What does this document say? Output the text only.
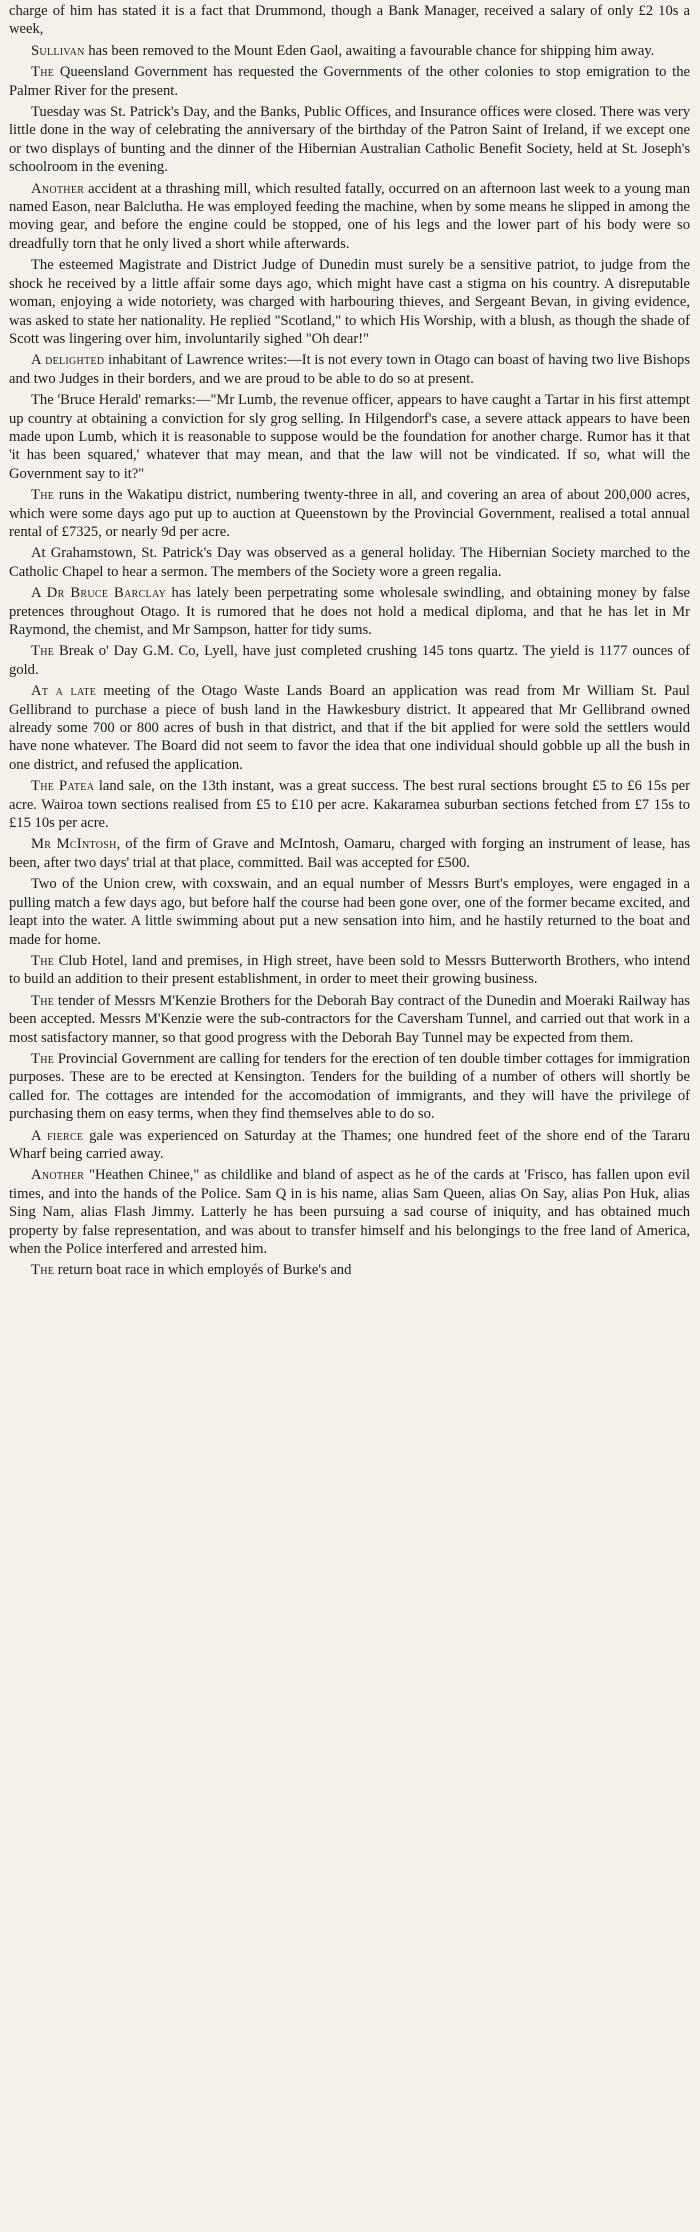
charge of him has stated it is a fact that Drummond, though a Bank Manager, received a salary of only £2 10s a week,

Sullivan has been removed to the Mount Eden Gaol, awaiting a favourable chance for shipping him away.

The Queensland Government has requested the Governments of the other colonies to stop emigration to the Palmer River for the present.

Tuesday was St. Patrick's Day, and the Banks, Public Offices, and Insurance offices were closed. There was very little done in the way of celebrating the anniversary of the birthday of the Patron Saint of Ireland, if we except one or two displays of bunting and the dinner of the Hibernian Australian Catholic Benefit Society, held at St. Joseph's schoolroom in the evening.

Another accident at a thrashing mill, which resulted fatally, occurred on an afternoon last week to a young man named Eason, near Balclutha. He was employed feeding the machine, when by some means he slipped in among the moving gear, and before the engine could be stopped, one of his legs and the lower part of his body were so dreadfully torn that he only lived a short while afterwards.

The esteemed Magistrate and District Judge of Dunedin must surely be a sensitive patriot, to judge from the shock he received by a little affair some days ago, which might have cast a stigma on his country. A disreputable woman, enjoying a wide notoriety, was charged with harbouring thieves, and Sergeant Bevan, in giving evidence, was asked to state her nationality. He replied "Scotland," to which His Worship, with a blush, as though the shade of Scott was lingering over him, involuntarily sighed "Oh dear!"

A delighted inhabitant of Lawrence writes:—It is not every town in Otago can boast of having two live Bishops and two Judges in their borders, and we are proud to be able to do so at present.

The 'Bruce Herald' remarks:—"Mr Lumb, the revenue officer, appears to have caught a Tartar in his first attempt up country at obtaining a conviction for sly grog selling. In Hilgendorf's case, a severe attack appears to have been made upon Lumb, which it is reasonable to suppose would be the foundation for another charge. Rumor has it that 'it has been squared,' whatever that may mean, and that the law will not be vindicated. If so, what will the Government say to it?"

The runs in the Wakatipu district, numbering twenty-three in all, and covering an area of about 200,000 acres, which were some days ago put up to auction at Queenstown by the Provincial Government, realised a total annual rental of £7325, or nearly 9d per acre.

At Grahamstown, St. Patrick's Day was observed as a general holiday. The Hibernian Society marched to the Catholic Chapel to hear a sermon. The members of the Society wore a green regalia.

A Dr Bruce Barclay has lately been perpetrating some wholesale swindling, and obtaining money by false pretences throughout Otago. It is rumored that he does not hold a medical diploma, and that he has let in Mr Raymond, the chemist, and Mr Sampson, hatter for tidy sums.

The Break o' Day G.M. Co, Lyell, have just completed crushing 145 tons quartz. The yield is 1177 ounces of gold.

At a late meeting of the Otago Waste Lands Board an application was read from Mr William St. Paul Gellibrand to purchase a piece of bush land in the Hawkesbury district. It appeared that Mr Gellibrand owned already some 700 or 800 acres of bush in that district, and that if the bit applied for were sold the settlers would have none whatever. The Board did not seem to favor the idea that one individual should gobble up all the bush in one district, and refused the application.

The Patea land sale, on the 13th instant, was a great success. The best rural sections brought £5 to £6 15s per acre. Wairoa town sections realised from £5 to £10 per acre. Kakaramea suburban sections fetched from £7 15s to £15 10s per acre.

Mr McIntosh, of the firm of Grave and McIntosh, Oamaru, charged with forging an instrument of lease, has been, after two days' trial at that place, committed. Bail was accepted for £500.

Two of the Union crew, with coxswain, and an equal number of Messrs Burt's employes, were engaged in a pulling match a few days ago, but before half the course had been gone over, one of the former became excited, and leapt into the water. A little swimming about put a new sensation into him, and he hastily returned to the boat and made for home.

The Club Hotel, land and premises, in High street, have been sold to Messrs Butterworth Brothers, who intend to build an addition to their present establishment, in order to meet their growing business.

The tender of Messrs M'Kenzie Brothers for the Deborah Bay contract of the Dunedin and Moeraki Railway has been accepted. Messrs M'Kenzie were the sub-contractors for the Caversham Tunnel, and carried out that work in a most satisfactory manner, so that good progress with the Deborah Bay Tunnel may be expected from them.

The Provincial Government are calling for tenders for the erection of ten double timber cottages for immigration purposes. These are to be erected at Kensington. Tenders for the building of a number of others will shortly be called for. The cottages are intended for the accomodation of immigrants, and they will have the privilege of purchasing them on easy terms, when they find themselves able to do so.

A fierce gale was experienced on Saturday at the Thames; one hundred feet of the shore end of the Tararu Wharf being carried away.

Another "Heathen Chinee," as childlike and bland of aspect as he of the cards at 'Frisco, has fallen upon evil times, and into the hands of the Police. Sam Q in is his name, alias Sam Queen, alias On Say, alias Pon Huk, alias Sing Nam, alias Flash Jimmy. Latterly he has been pursuing a sad course of iniquity, and has obtained much property by false representation, and was about to transfer himself and his belongings to the free land of America, when the Police interfered and arrested him.

The return boat race in which employés of Burke's and
